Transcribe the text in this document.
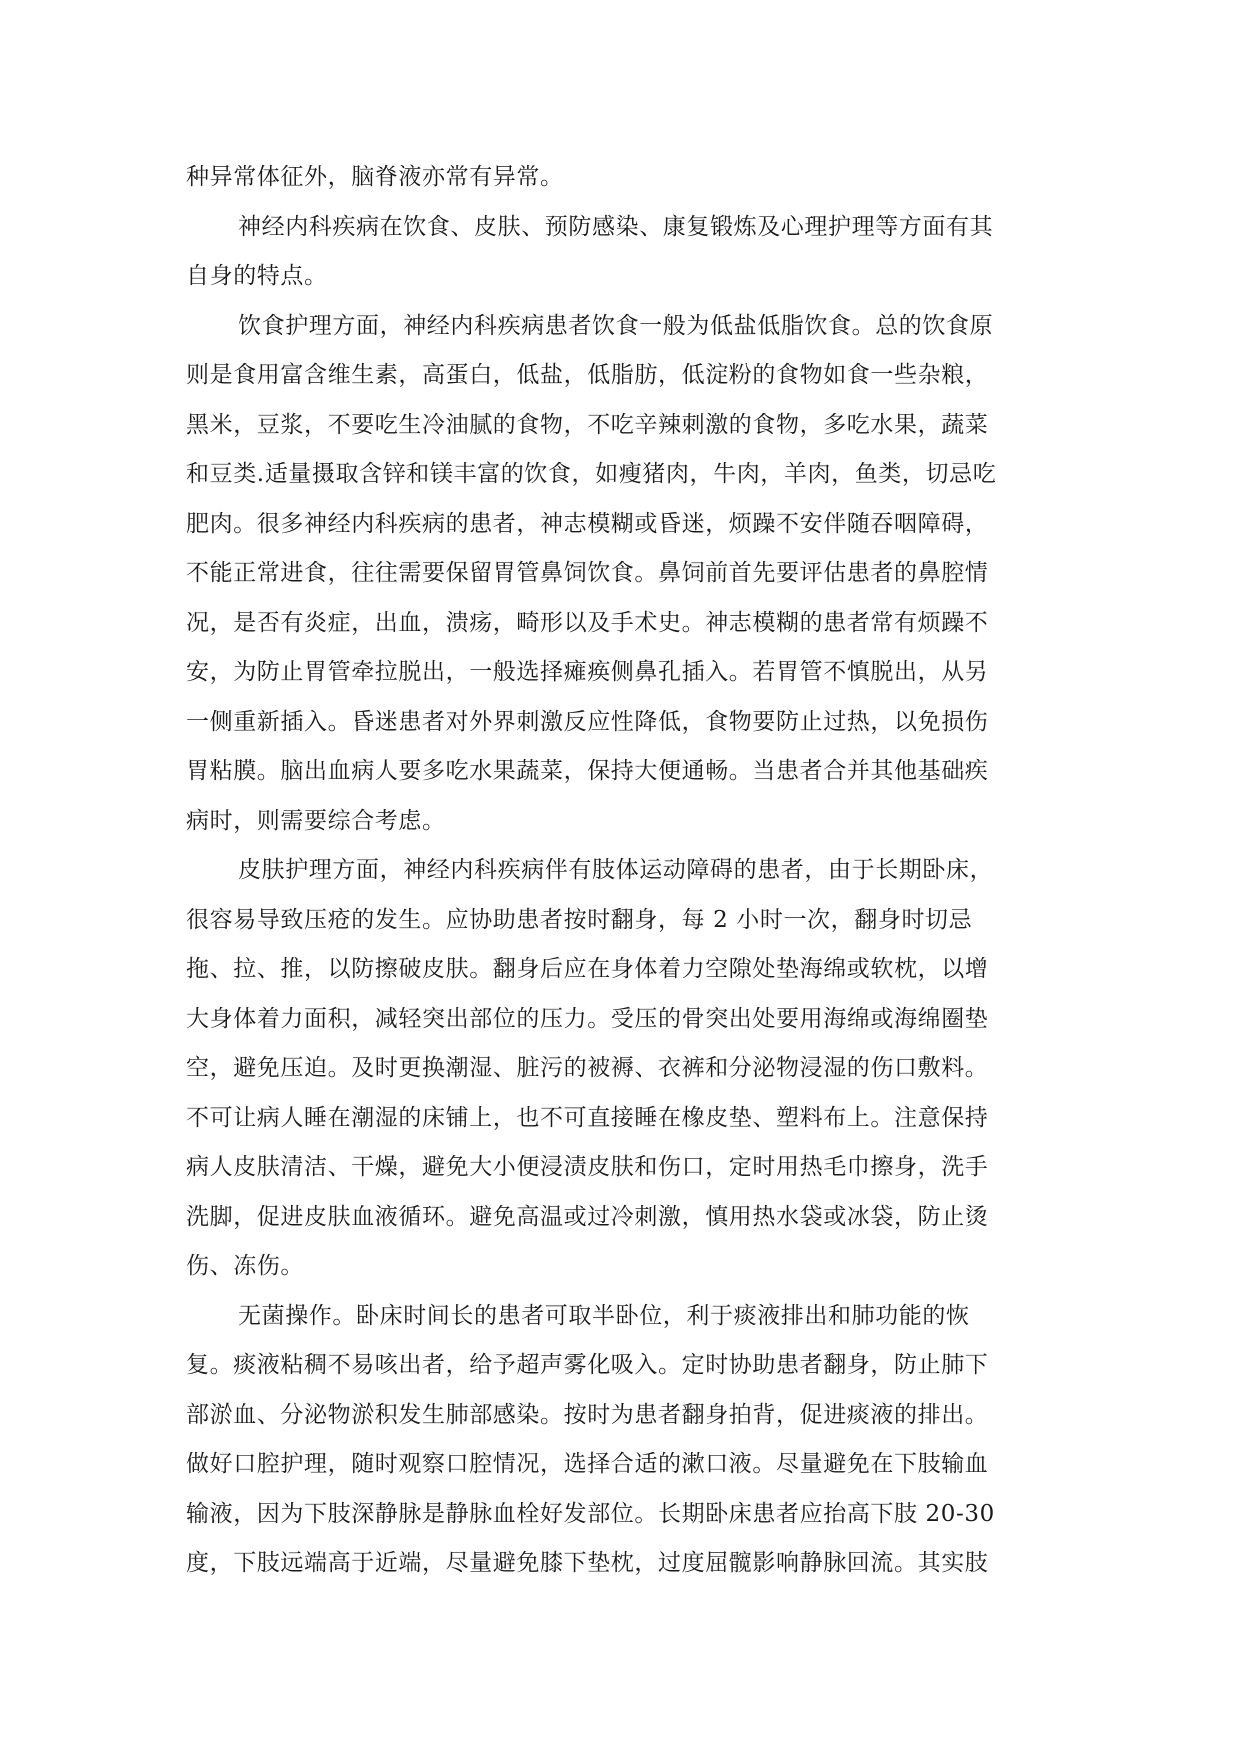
种异常体征外，脑脊液亦常有异常。
神经内科疾病在饮食、皮肤、预防感染、康复锻炼及心理护理等方面有其
自身的特点。
饮食护理方面，神经内科疾病患者饮食一般为低盐低脂饮食。总的饮食原
则是食用富含维生素，高蛋白，低盐，低脂肪，低淀粉的食物如食一些杂粮，
黑米，豆浆，不要吃生冷油腻的食物，不吃辛辣刺激的食物，多吃水果，蔬菜
和豆类.适量摄取含锌和镁丰富的饮食，如瘦猪肉，牛肉，羊肉，鱼类，切忌吃
肥肉。很多神经内科疾病的患者，神志模糊或昏迷，烦躁不安伴随吞咽障碍，
不能正常进食，往往需要保留胃管鼻饲饮食。鼻饲前首先要评估患者的鼻腔情
况，是否有炎症，出血，溃疡，畸形以及手术史。神志模糊的患者常有烦躁不
安，为防止胃管牵拉脱出，一般选择瘫痪侧鼻孔插入。若胃管不慎脱出，从另
一侧重新插入。昏迷患者对外界刺激反应性降低，食物要防止过热，以免损伤
胃粘膜。脑出血病人要多吃水果蔬菜，保持大便通畅。当患者合并其他基础疾
病时，则需要综合考虑。
皮肤护理方面，神经内科疾病伴有肢体运动障碍的患者，由于长期卧床，
很容易导致压疮的发生。应协助患者按时翻身，每 2 小时一次，翻身时切忌
拖、拉、推，以防擦破皮肤。翻身后应在身体着力空隙处垫海绵或软枕，以增
大身体着力面积，减轻突出部位的压力。受压的骨突出处要用海绵或海绵圈垫
空，避免压迫。及时更换潮湿、脏污的被褥、衣裤和分泌物浸湿的伤口敷料。
不可让病人睡在潮湿的床铺上，也不可直接睡在橡皮垫、塑料布上。注意保持
病人皮肤清洁、干燥，避免大小便浸渍皮肤和伤口，定时用热毛巾擦身，洗手
洗脚，促进皮肤血液循环。避免高温或过冷刺激，慎用热水袋或冰袋，防止烫
伤、冻伤。
无菌操作。卧床时间长的患者可取半卧位，利于痰液排出和肺功能的恢
复。痰液粘稠不易咳出者，给予超声雾化吸入。定时协助患者翻身，防止肺下
部淤血、分泌物淤积发生肺部感染。按时为患者翻身拍背，促进痰液的排出。
做好口腔护理，随时观察口腔情况，选择合适的漱口液。尽量避免在下肢输血
输液，因为下肢深静脉是静脉血栓好发部位。长期卧床患者应抬高下肢 20-30
度，下肢远端高于近端，尽量避免膝下垫枕，过度屈髋影响静脉回流。其实肢
